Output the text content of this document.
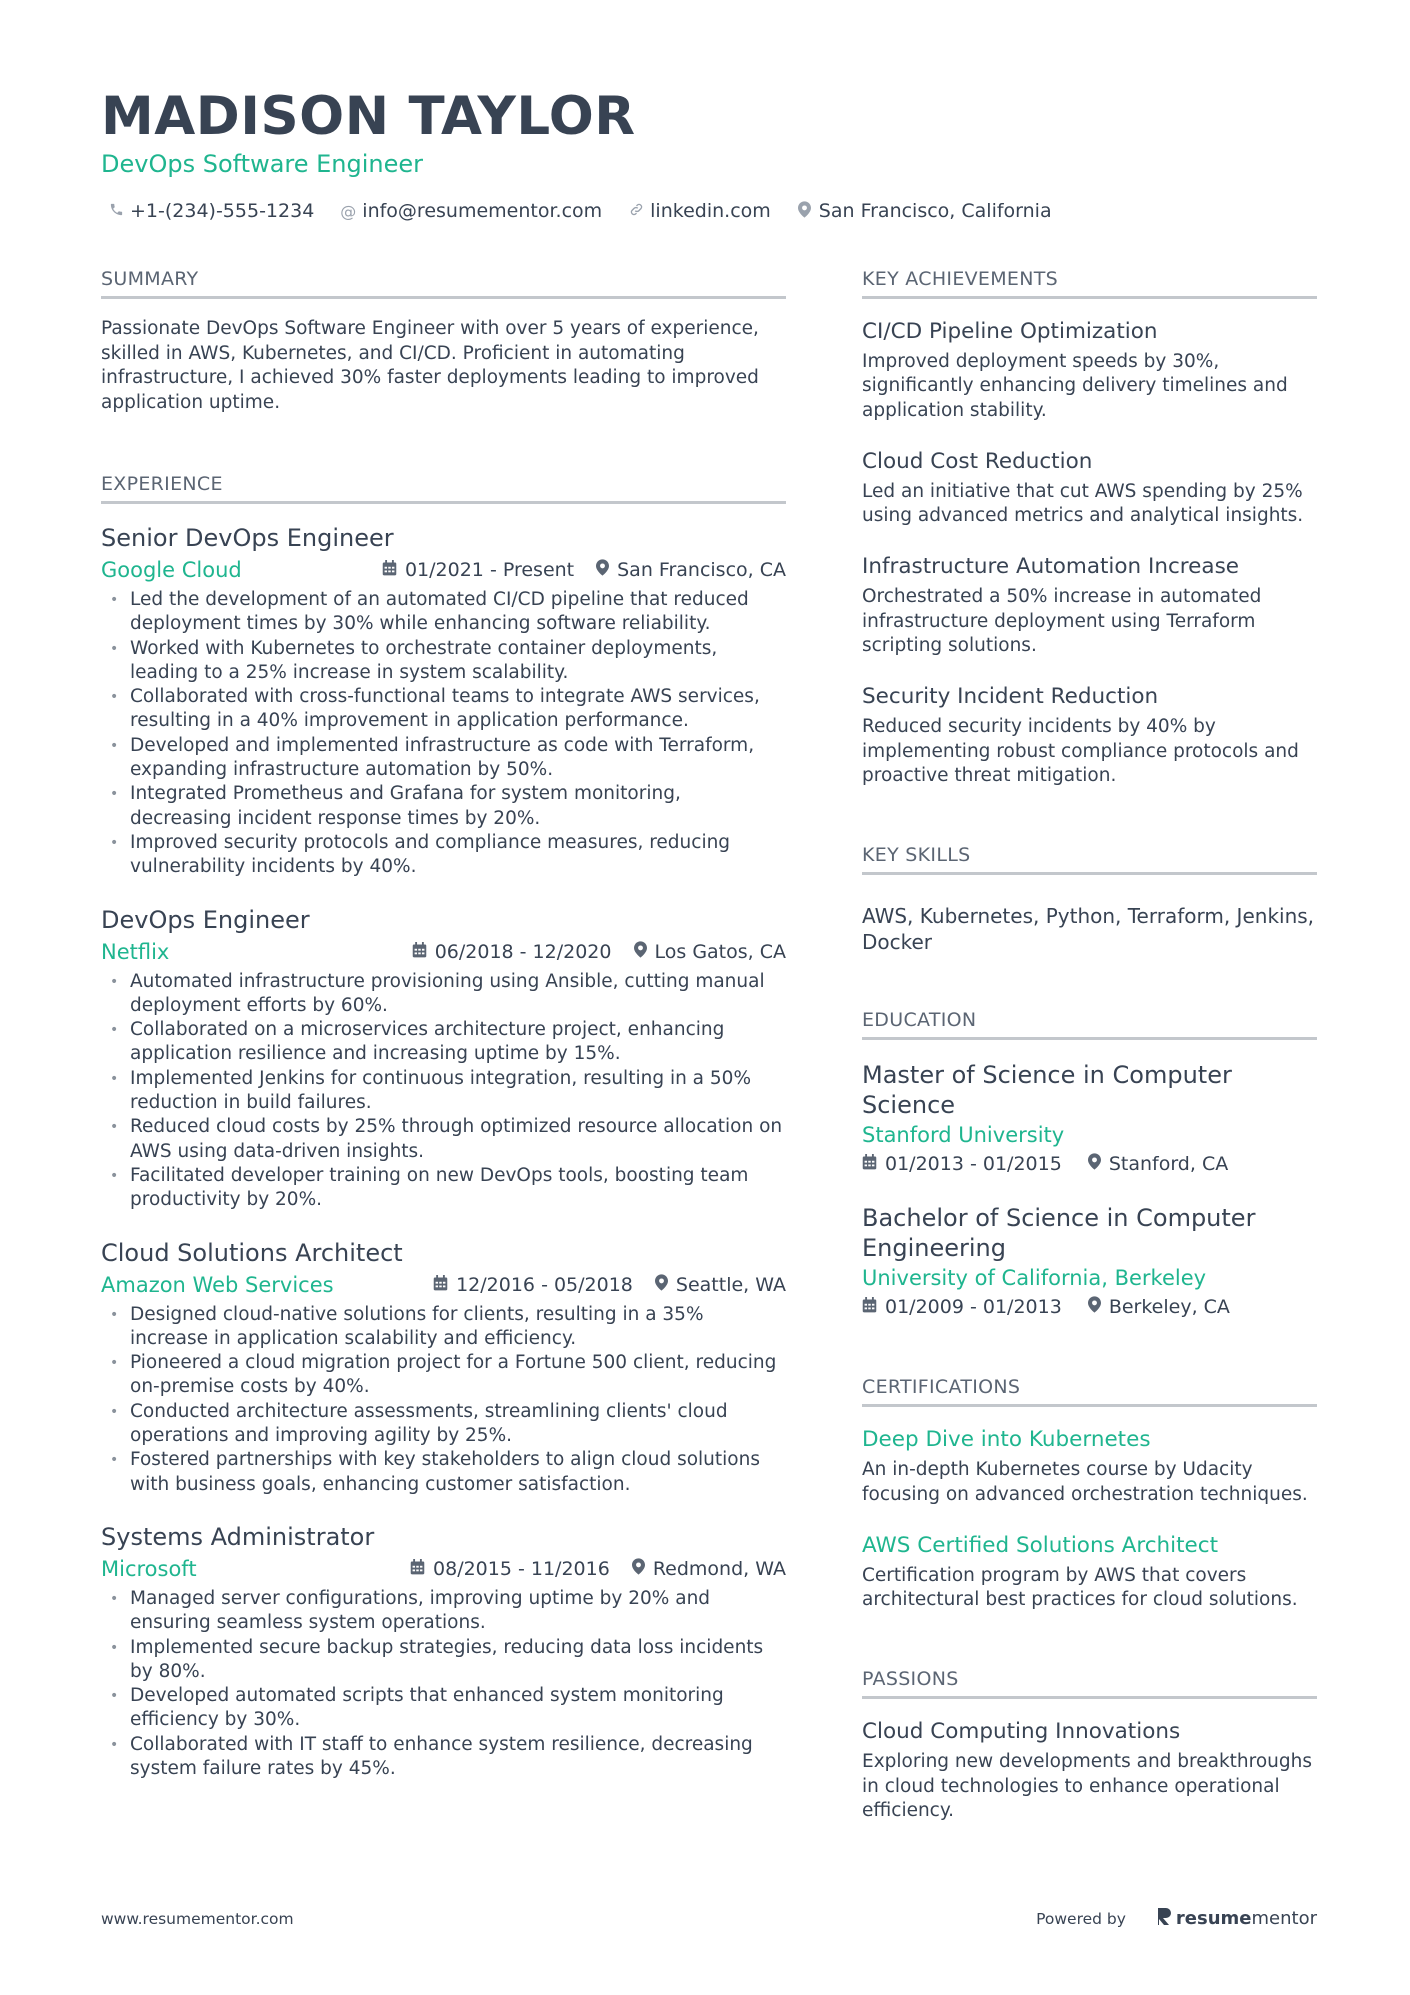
MADISON TAYLOR
DevOps Software Engineer
+1-(234)-555-1234 @ info@resumementor.com	linkedin.com	San Francisco, California
SUMMARY
Passionate DevOps Software Engineer with over 5 years of experience, skilled in AWS, Kubernetes, and CI/CD. Proficient in automating infrastructure, I achieved 30% faster deployments leading to improved application uptime.
EXPERIENCE
Senior DevOps Engineer
Google Cloud	01/2021 - Present San Francisco, CA
• Led the development of an automated CI/CD pipeline that reduced deployment times by 30% while enhancing software reliability.
• Worked with Kubernetes to orchestrate container deployments, leading to a 25% increase in system scalability.
• Collaborated with cross-functional teams to integrate AWS services, resulting in a 40% improvement in application performance.
• Developed and implemented infrastructure as code with Terraform, expanding infrastructure automation by 50%.
• Integrated Prometheus and Grafana for system monitoring, decreasing incident response times by 20%.
• Improved security protocols and compliance measures, reducing vulnerability incidents by 40%.
DevOps Engineer
Netflix	06/2018 - 12/2020 Los Gatos, CA
• Automated infrastructure provisioning using Ansible, cutting manual deployment efforts by 60%.
• Collaborated on a microservices architecture project, enhancing application resilience and increasing uptime by 15%.
• Implemented Jenkins for continuous integration, resulting in a 50% reduction in build failures.
• Reduced cloud costs by 25% through optimized resource allocation on AWS using data-driven insights.
• Facilitated developer training on new DevOps tools, boosting team productivity by 20%.
Cloud Solutions Architect
Amazon Web Services	12/2016 - 05/2018 Seattle, WA
• Designed cloud-native solutions for clients, resulting in a 35% increase in application scalability and efficiency.
• Pioneered a cloud migration project for a Fortune 500 client, reducing on-premise costs by 40%.
• Conducted architecture assessments, streamlining clients' cloud operations and improving agility by 25%.
• Fostered partnerships with key stakeholders to align cloud solutions with business goals, enhancing customer satisfaction.
Systems Administrator
Microsoft	08/2015 - 11/2016 Redmond, WA
• Managed server configurations, improving uptime by 20% and ensuring seamless system operations.
• Implemented secure backup strategies, reducing data loss incidents by 80%.
• Developed automated scripts that enhanced system monitoring efficiency by 30%.
• Collaborated with IT staff to enhance system resilience, decreasing system failure rates by 45%.
KEY ACHIEVEMENTS
CI/CD Pipeline Optimization
Improved deployment speeds by 30%, significantly enhancing delivery timelines and application stability.
Cloud Cost Reduction
Led an initiative that cut AWS spending by 25% using advanced metrics and analytical insights.
Infrastructure Automation Increase
Orchestrated a 50% increase in automated infrastructure deployment using Terraform scripting solutions.
Security Incident Reduction
Reduced security incidents by 40% by implementing robust compliance protocols and proactive threat mitigation.
KEY SKILLS
AWS, Kubernetes, Python, Terraform, Jenkins, Docker
EDUCATION
Master of Science in Computer Science
Stanford University
01/2013 - 01/2015 Stanford, CA
Bachelor of Science in Computer Engineering
University of California, Berkeley
01/2009 - 01/2013 Berkeley, CA
CERTIFICATIONS
Deep Dive into Kubernetes
An in-depth Kubernetes course by Udacity focusing on advanced orchestration techniques.
AWS Certified Solutions Architect
Certification program by AWS that covers architectural best practices for cloud solutions.
PASSIONS
Cloud Computing Innovations
Exploring new developments and breakthroughs in cloud technologies to enhance operational efficiency.
www.resumementor.com	Powered by	resume mentor
